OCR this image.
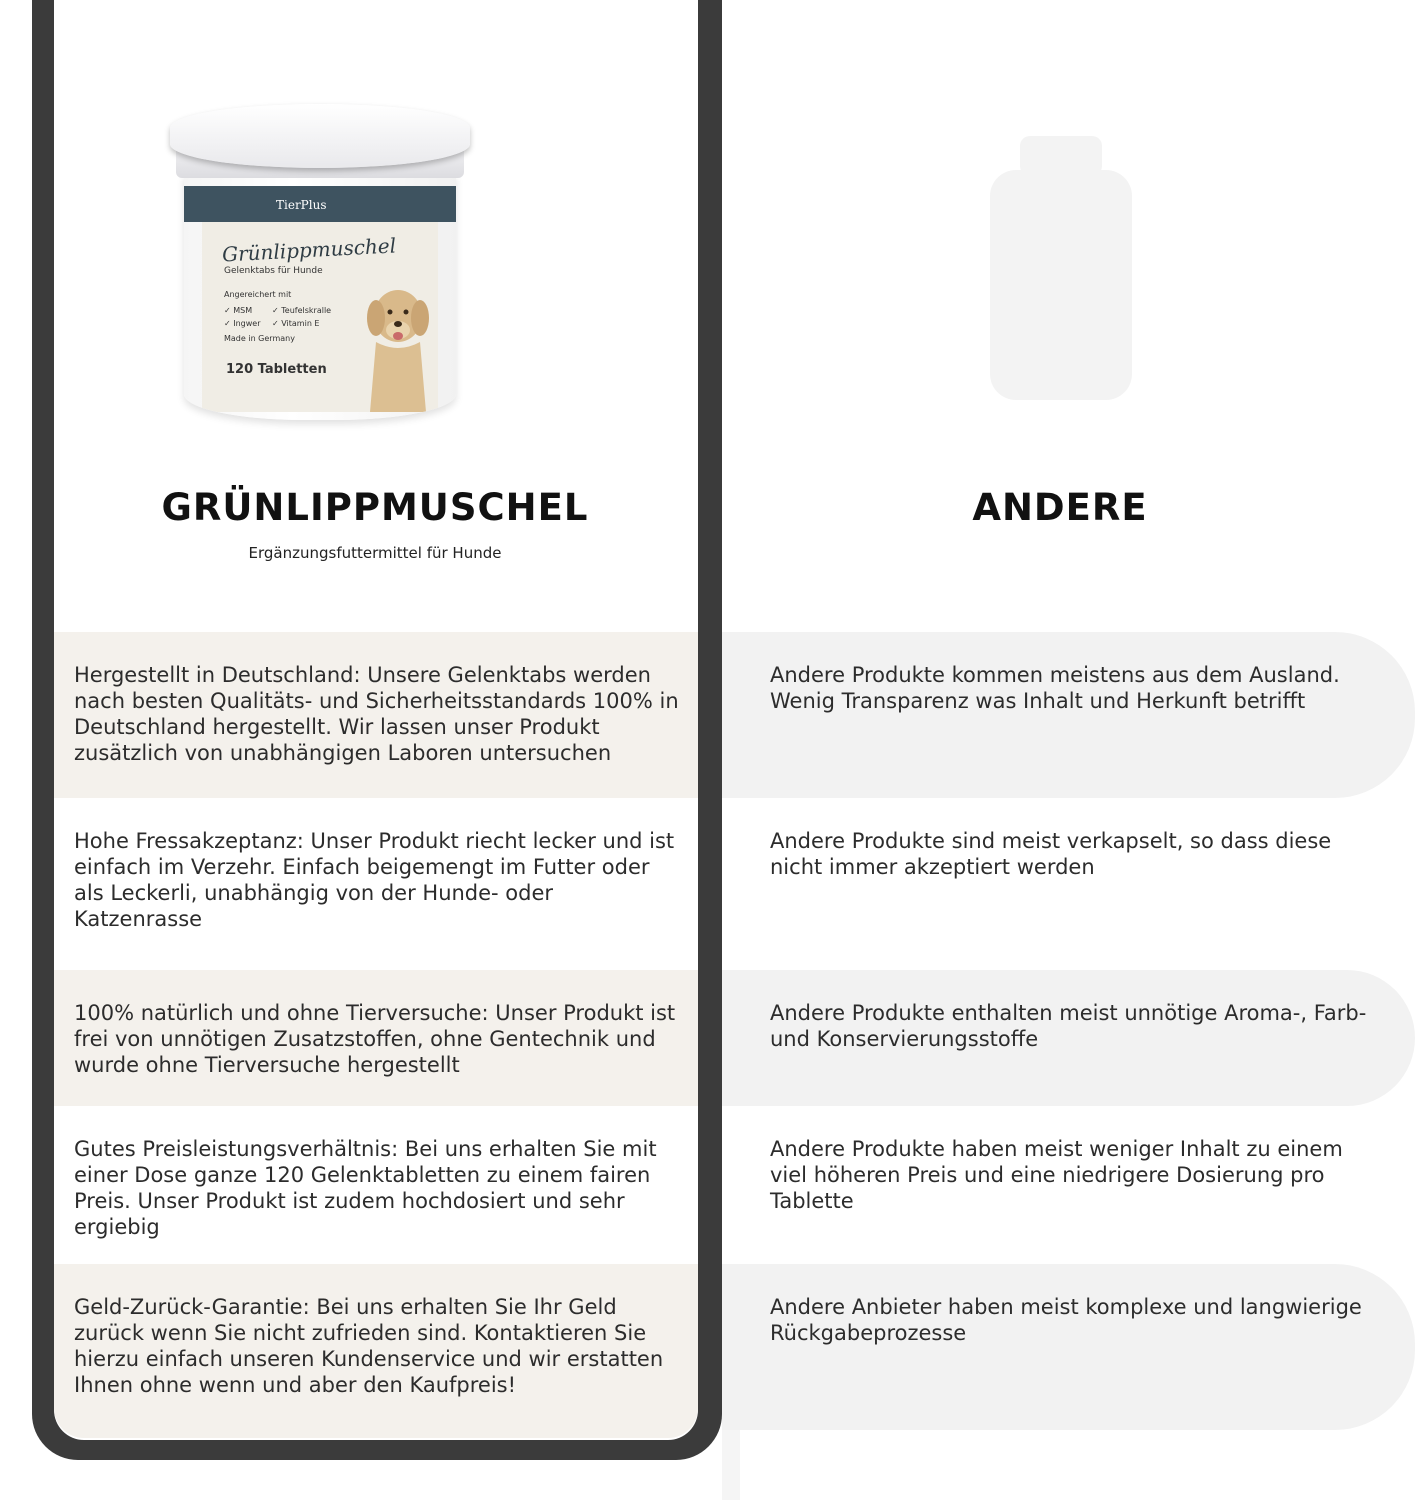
TierPlus
Grünlippmuschel
Gelenktabs für Hunde
Angereichert mit
✓ MSM
✓ Ingwer
✓ Teufelskralle
✓ Vitamin E
Made in Germany
120 Tabletten
GRÜNLIPPMUSCHEL
Ergänzungsfuttermittel für Hunde
ANDERE
Hergestellt in Deutschland: Unsere Gelenktabs werden nach besten Qualitäts- und Sicherheitsstandards 100% in Deutschland hergestellt. Wir lassen unser Produkt zusätzlich von unabhängigen Laboren untersuchen
Hohe Fressakzeptanz: Unser Produkt riecht lecker und ist einfach im Verzehr. Einfach beigemengt im Futter oder als Leckerli, unabhängig von der Hunde- oder Katzenrasse
100% natürlich und ohne Tierversuche: Unser Produkt ist frei von unnötigen Zusatzstoffen, ohne Gentechnik und wurde ohne Tierversuche hergestellt
Gutes Preisleistungsverhältnis: Bei uns erhalten Sie mit einer Dose ganze 120 Gelenktabletten zu einem fairen Preis. Unser Produkt ist zudem hochdosiert und sehr ergiebig
Geld-Zurück-Garantie: Bei uns erhalten Sie Ihr Geld zurück wenn Sie nicht zufrieden sind. Kontaktieren Sie hierzu einfach unseren Kundenservice und wir erstatten Ihnen ohne wenn und aber den Kaufpreis!
Andere Produkte kommen meistens aus dem Ausland. Wenig Transparenz was Inhalt und Herkunft betrifft
Andere Produkte sind meist verkapselt, so dass diese nicht immer akzeptiert werden
Andere Produkte enthalten meist unnötige Aroma-, Farb- und Konservierungsstoffe
Andere Produkte haben meist weniger Inhalt zu einem viel höheren Preis und eine niedrigere Dosierung pro Tablette
Andere Anbieter haben meist komplexe und langwierige Rückgabeprozesse
